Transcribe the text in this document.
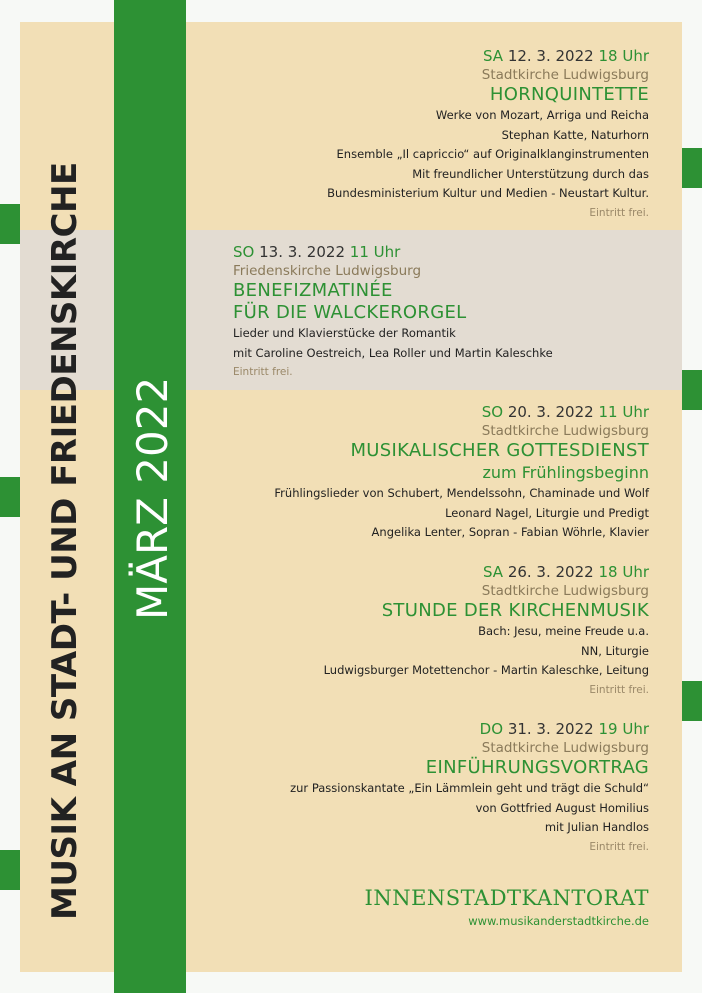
MUSIK AN STADT- UND FRIEDENSKIRCHE MÄRZ 2022
SA 12. 3. 2022 18 Uhr
Stadtkirche Ludwigsburg
HORNQUINTETTE
Werke von Mozart, Arriga und Reicha
Stephan Katte, Naturhorn
Ensemble „Il capriccio“ auf Originalklanginstrumenten
Mit freundlicher Unterstützung durch das
Bundesministerium Kultur und Medien - Neustart Kultur.
Eintritt frei.
SO 13. 3. 2022 11 Uhr
Friedenskirche Ludwigsburg
BENEFIZMATINÉE
FÜR DIE WALCKERORGEL
Lieder und Klavierstücke der Romantik
mit Caroline Oestreich, Lea Roller und Martin Kaleschke
Eintritt frei.
SO 20. 3. 2022 11 Uhr
Stadtkirche Ludwigsburg
MUSIKALISCHER GOTTESDIENST
zum Frühlingsbeginn
Frühlingslieder von Schubert, Mendelssohn, Chaminade und Wolf
Leonard Nagel, Liturgie und Predigt
Angelika Lenter, Sopran - Fabian Wöhrle, Klavier
SA 26. 3. 2022 18 Uhr
Stadtkirche Ludwigsburg
STUNDE DER KIRCHENMUSIK
Bach: Jesu, meine Freude u.a.
NN, Liturgie
Ludwigsburger Motettenchor - Martin Kaleschke, Leitung
Eintritt frei.
DO 31. 3. 2022 19 Uhr
Stadtkirche Ludwigsburg
EINFÜHRUNGSVORTRAG
zur Passionskantate „Ein Lämmlein geht und trägt die Schuld“
von Gottfried August Homilius
mit Julian Handlos
Eintritt frei.
INNENSTADTKANTORAT
www.musikanderstadtkirche.de
